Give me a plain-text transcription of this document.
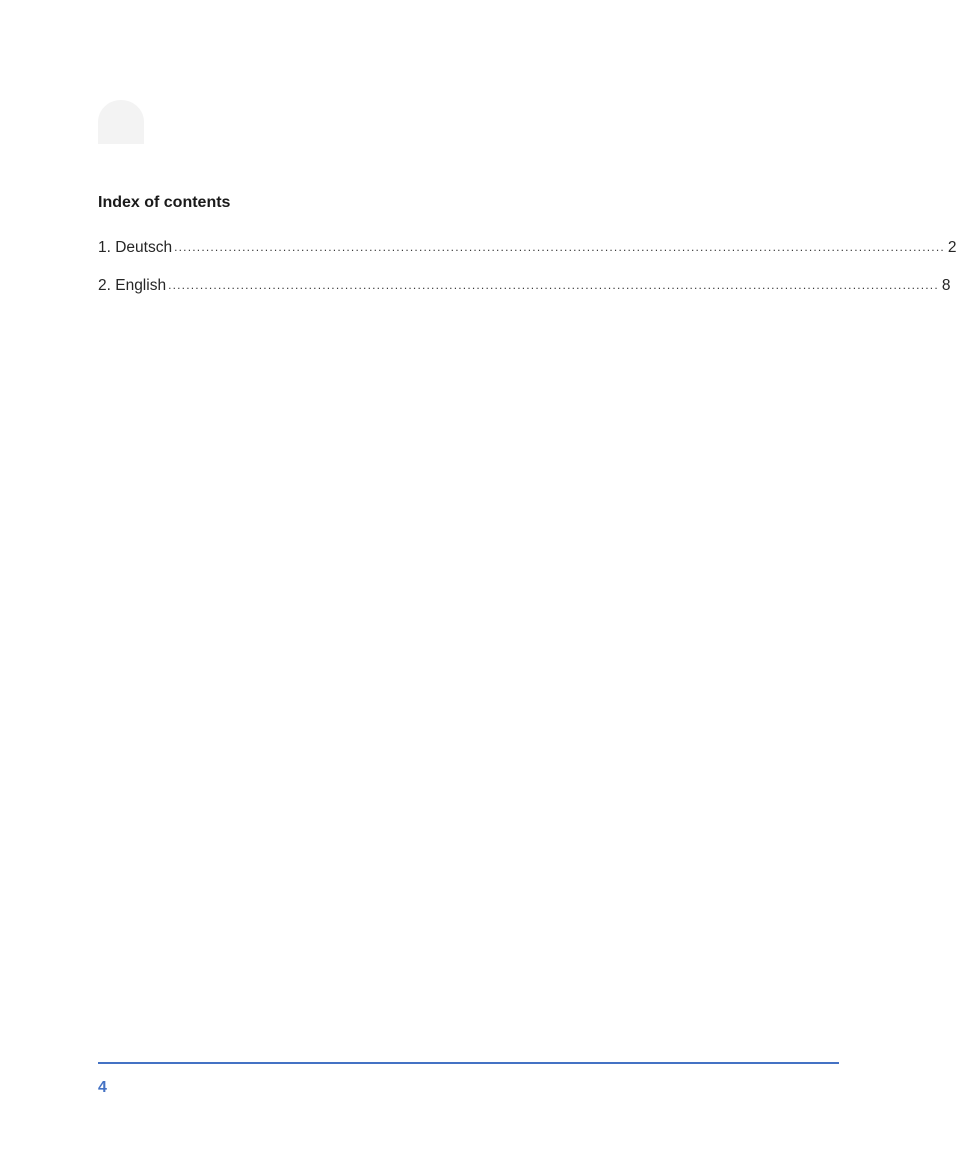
Index of contents
1. Deutsch .......................................................................................................................................................................... 2
2. English .......................................................................................................................................................................... 8
4
